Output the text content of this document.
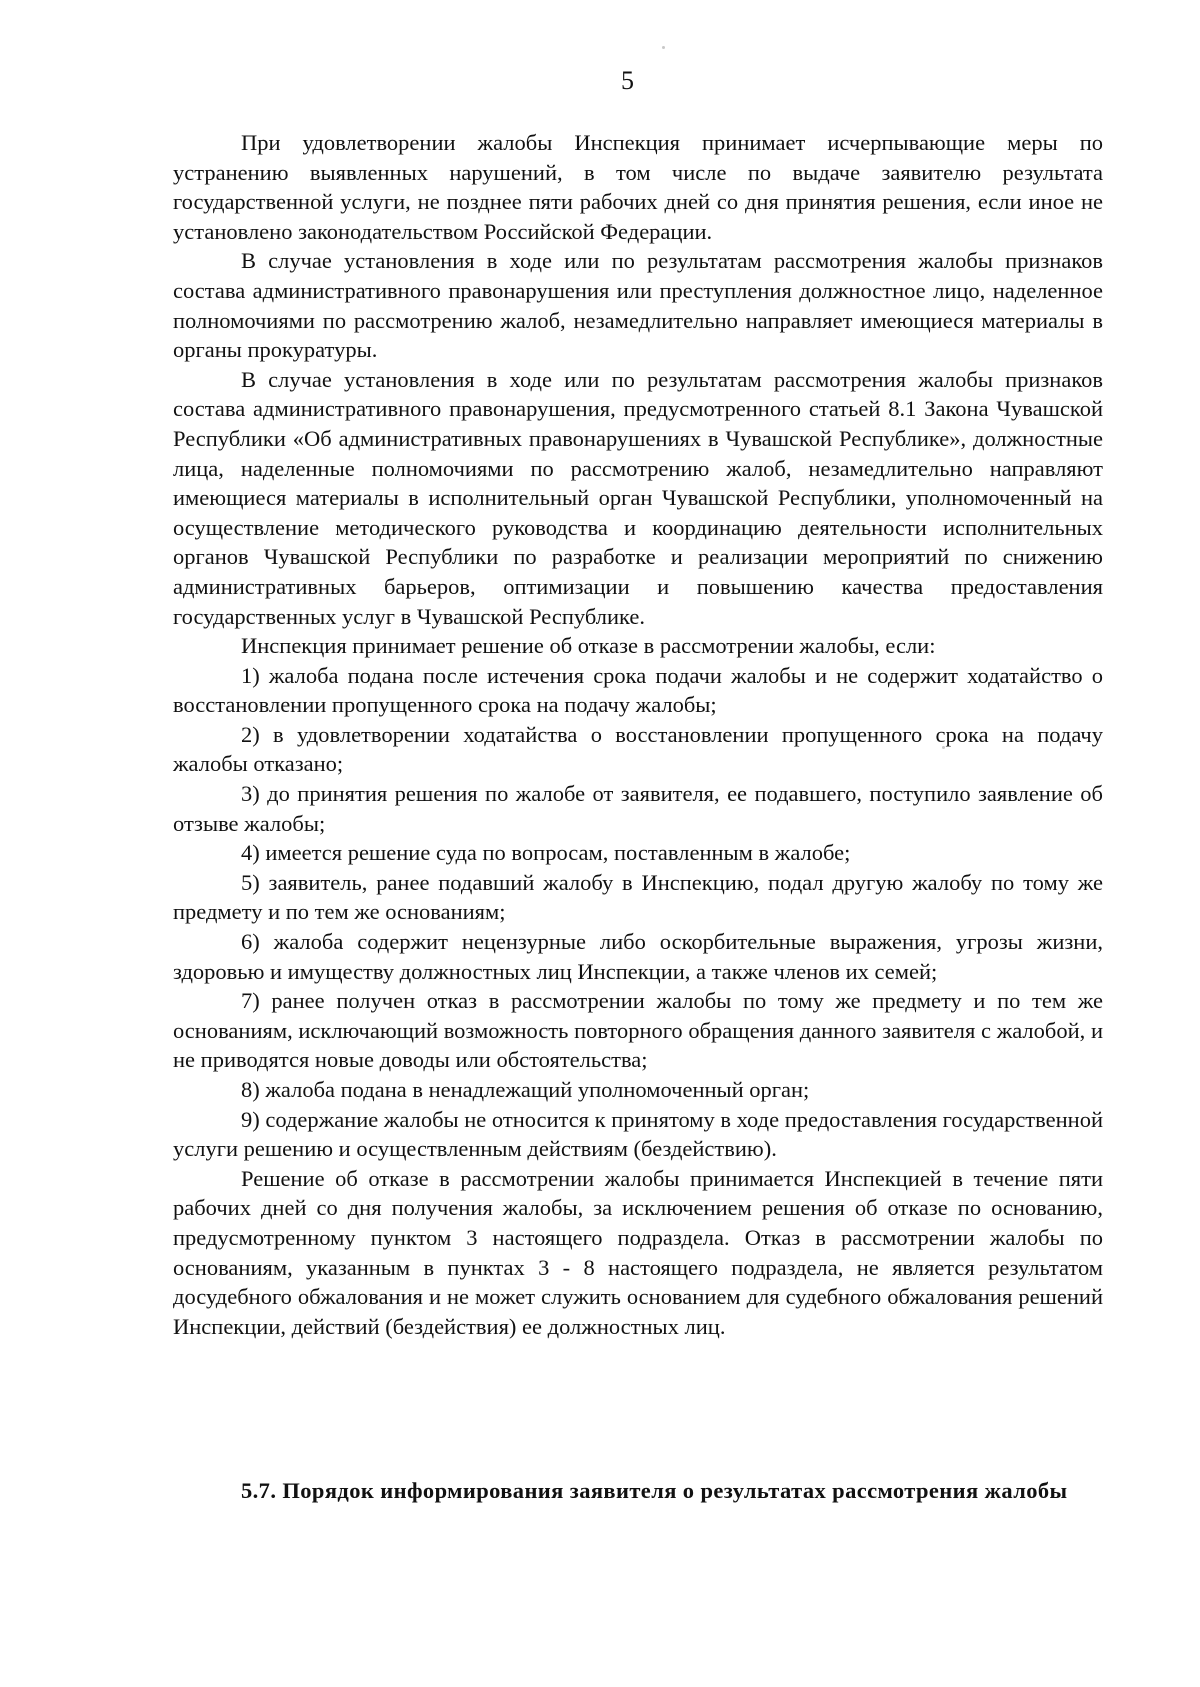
5

При удовлетворении жалобы Инспекция принимает исчерпывающие меры по устранению выявленных нарушений, в том числе по выдаче заявителю результата государственной услуги, не позднее пяти рабочих дней со дня принятия решения, если иное не установлено законодательством Российской Федерации.

В случае установления в ходе или по результатам рассмотрения жалобы признаков состава административного правонарушения или преступления должностное лицо, наделенное полномочиями по рассмотрению жалоб, незамедлительно направляет имеющиеся материалы в органы прокуратуры.

В случае установления в ходе или по результатам рассмотрения жалобы признаков состава административного правонарушения, предусмотренного статьей 8.1 Закона Чувашской Республики «Об административных правонарушениях в Чувашской Республике», должностные лица, наделенные полномочиями по рассмотрению жалоб, незамедлительно направляют имеющиеся материалы в исполнительный орган Чувашской Республики, уполномоченный на осуществление методического руководства и координацию деятельности исполнительных органов Чувашской Республики по разработке и реализации мероприятий по снижению административных барьеров, оптимизации и повышению качества предоставления государственных услуг в Чувашской Республике.

Инспекция принимает решение об отказе в рассмотрении жалобы, если:

1) жалоба подана после истечения срока подачи жалобы и не содержит ходатайство о восстановлении пропущенного срока на подачу жалобы;

2) в удовлетворении ходатайства о восстановлении пропущенного срока на подачу жалобы отказано;

3) до принятия решения по жалобе от заявителя, ее подавшего, поступило заявление об отзыве жалобы;

4) имеется решение суда по вопросам, поставленным в жалобе;

5) заявитель, ранее подавший жалобу в Инспекцию, подал другую жалобу по тому же предмету и по тем же основаниям;

6) жалоба содержит нецензурные либо оскорбительные выражения, угрозы жизни, здоровью и имуществу должностных лиц Инспекции, а также членов их семей;

7) ранее получен отказ в рассмотрении жалобы по тому же предмету и по тем же основаниям, исключающий возможность повторного обращения данного заявителя с жалобой, и не приводятся новые доводы или обстоятельства;

8) жалоба подана в ненадлежащий уполномоченный орган;

9) содержание жалобы не относится к принятому в ходе предоставления государственной услуги решению и осуществленным действиям (бездействию).

Решение об отказе в рассмотрении жалобы принимается Инспекцией в течение пяти рабочих дней со дня получения жалобы, за исключением решения об отказе по основанию, предусмотренному пунктом 3 настоящего подраздела. Отказ в рассмотрении жалобы по основаниям, указанным в пунктах 3 - 8 настоящего подраздела, не является результатом досудебного обжалования и не может служить основанием для судебного обжалования решений Инспекции, действий (бездействия) ее должностных лиц.

5.7. Порядок информирования заявителя о результатах рассмотрения жалобы
